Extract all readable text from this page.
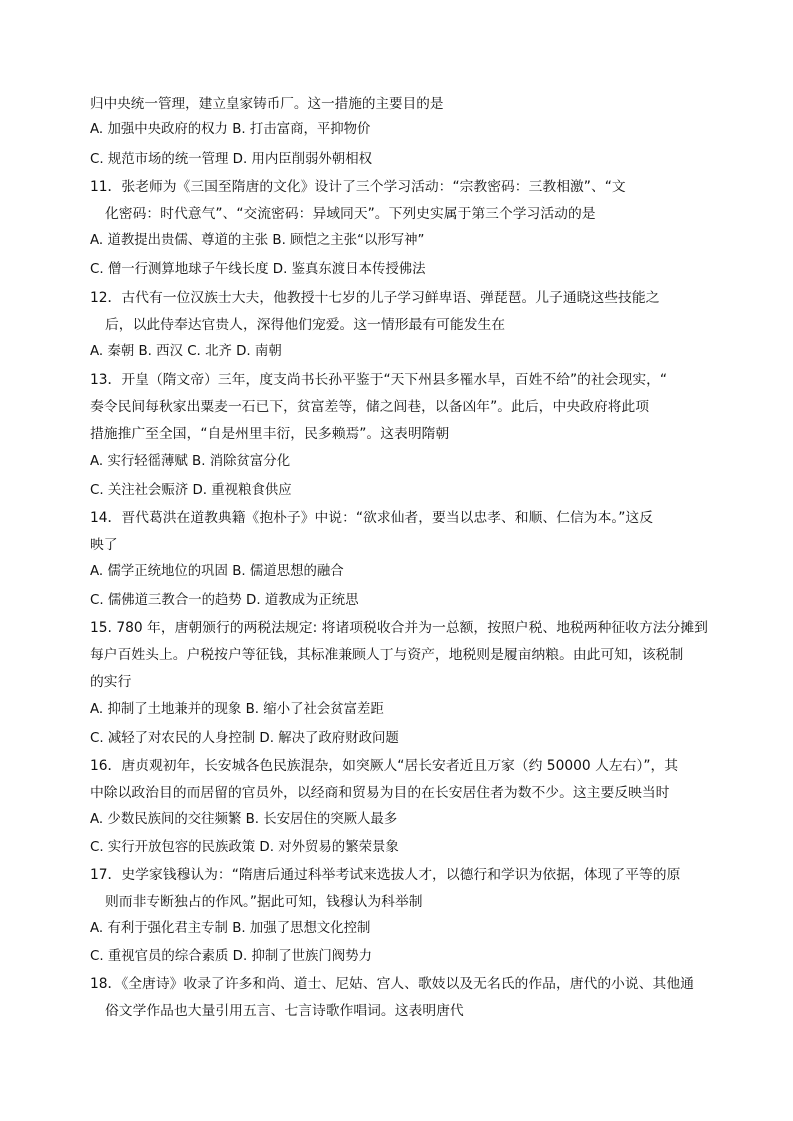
归中央统一管理，建立皇家铸币厂。这一措施的主要目的是
A. 加强中央政府的权力 B. 打击富商，平抑物价
C. 规范市场的统一管理 D. 用内臣削弱外朝相权
11．张老师为《三国至隋唐的文化》设计了三个学习活动：“宗教密码：三教相激”、“文
化密码：时代意气”、“交流密码：异域同天”。下列史实属于第三个学习活动的是
A. 道教提出贵儒、尊道的主张 B. 顾恺之主张“以形写神”
C. 僧一行测算地球子午线长度 D. 鉴真东渡日本传授佛法
12．古代有一位汉族士大夫，他教授十七岁的儿子学习鲜卑语、弹琵琶。儿子通晓这些技能之
后，以此侍奉达官贵人，深得他们宠爱。这一情形最有可能发生在
A. 秦朝 B. 西汉 C. 北齐 D. 南朝
13．开皇（隋文帝）三年，度支尚书长孙平鉴于“天下州县多罹水旱，百姓不给”的社会现实，“
奏令民间每秋家出粟麦一石已下，贫富差等，储之闾巷，以备凶年”。此后，中央政府将此项
措施推广至全国，“自是州里丰衍，民多赖焉”。这表明隋朝
A. 实行轻徭薄赋 B. 消除贫富分化
C. 关注社会赈济 D. 重视粮食供应
14．晋代葛洪在道教典籍《抱朴子》中说：“欲求仙者，要当以忠孝、和顺、仁信为本。”这反
映了
A. 儒学正统地位的巩固 B. 儒道思想的融合
C. 儒佛道三教合一的趋势 D. 道教成为正统思
15. 780 年，唐朝颁行的两税法规定: 将诸项税收合并为一总额，按照户税、地税两种征收方法分摊到
每户百姓头上。户税按户等征钱，其标准兼顾人丁与资产，地税则是履亩纳粮。由此可知，该税制
的实行
A. 抑制了土地兼并的现象 B. 缩小了社会贫富差距
C. 减轻了对农民的人身控制 D. 解决了政府财政问题
16．唐贞观初年，长安城各色民族混杂，如突厥人“居长安者近且万家（约 50000 人左右）”，其
中除以政治目的而居留的官员外，以经商和贸易为目的在长安居住者为数不少。这主要反映当时
A. 少数民族间的交往频繁 B. 长安居住的突厥人最多
C. 实行开放包容的民族政策 D. 对外贸易的繁荣景象
17．史学家钱穆认为：“隋唐后通过科举考试来选拔人才，以德行和学识为依据，体现了平等的原
则而非专断独占的作风。”据此可知，钱穆认为科举制
A. 有利于强化君主专制 B. 加强了思想文化控制
C. 重视官员的综合素质 D. 抑制了世族门阀势力
18．《全唐诗》收录了许多和尚、道士、尼姑、宫人、歌妓以及无名氏的作品，唐代的小说、其他通
俗文学作品也大量引用五言、七言诗歌作唱词。这表明唐代
